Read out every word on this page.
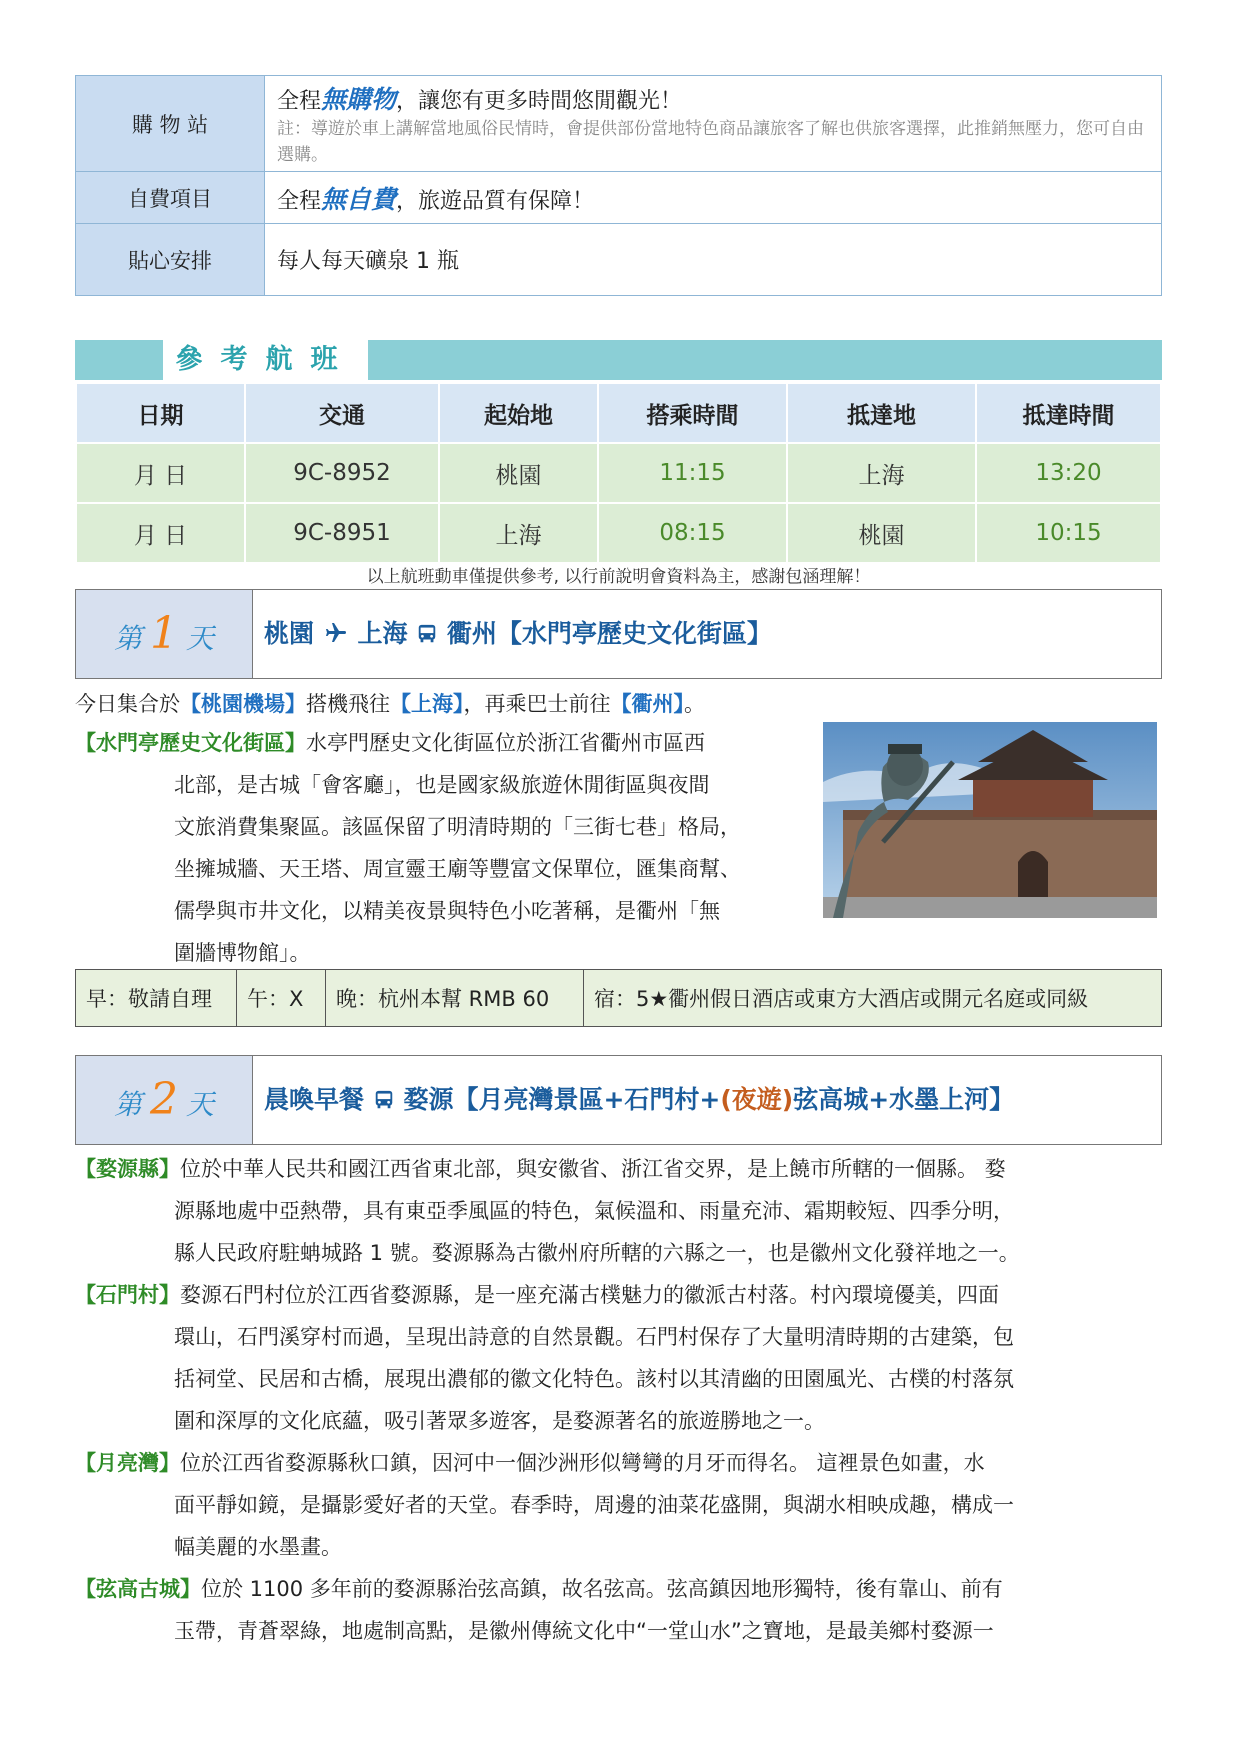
購 物 站	全程無購物，讓您有更多時間悠閒觀光！
註：導遊於車上講解當地風俗民情時，會提供部份當地特色商品讓旅客了解也供旅客選擇，此推銷無壓力，您可自由選購。

自費項目	全程無自費，旅遊品質有保障！
貼心安排	每人每天礦泉 1 瓶
參考航班
日期	交通	起始地	搭乘時間	抵達地	抵達時間
月 日	9C-8952	桃園	11:15	上海	13:20
月 日	9C-8951	上海	08:15	桃園	10:15
以上航班動車僅提供參考, 以行前說明會資料為主，感謝包涵理解！
第 1 天	桃園 上海 衢州【水門亭歷史文化街區】
今日集合於【桃園機場】搭機飛往【上海】，再乘巴士前往【衢州】。
【水門亭歷史文化街區】水亭門歷史文化街區位於浙江省衢州市區西
北部，是古城「會客廳」，也是國家級旅遊休閒街區與夜間
文旅消費集聚區。該區保留了明清時期的「三街七巷」格局，
坐擁城牆、天王塔、周宣靈王廟等豐富文保單位，匯集商幫、
儒學與市井文化，以精美夜景與特色小吃著稱，是衢州「無
圍牆博物館」。
早：敬請自理	午：X	晚：杭州本幫 RMB 60	宿：5★衢州假日酒店或東方大酒店或開元名庭或同級
第 2 天	晨喚早餐 婺源【月亮灣景區+石門村+(夜遊)弦高城+水墨上河】
【婺源縣】位於中華人民共和國江西省東北部，與安徽省、浙江省交界，是上饒市所轄的一個縣。 婺
源縣地處中亞熱帶，具有東亞季風區的特色，氣候溫和、雨量充沛、霜期較短、四季分明，
縣人民政府駐蚺城路 1 號。婺源縣為古徽州府所轄的六縣之一，也是徽州文化發祥地之一。
【石門村】婺源石門村位於江西省婺源縣，是一座充滿古樸魅力的徽派古村落。村內環境優美，四面
環山，石門溪穿村而過，呈現出詩意的自然景觀。石門村保存了大量明清時期的古建築，包
括祠堂、民居和古橋，展現出濃郁的徽文化特色。該村以其清幽的田園風光、古樸的村落氛
圍和深厚的文化底蘊，吸引著眾多遊客，是婺源著名的旅遊勝地之一。
【月亮灣】位於江西省婺源縣秋口鎮，因河中一個沙洲形似彎彎的月牙而得名。 這裡景色如畫，水
面平靜如鏡，是攝影愛好者的天堂。春季時，周邊的油菜花盛開，與湖水相映成趣，構成一
幅美麗的水墨畫。
【弦高古城】位於 1100 多年前的婺源縣治弦高鎮，故名弦高。弦高鎮因地形獨特，後有靠山、前有
玉帶，青蒼翠綠，地處制高點，是徽州傳統文化中“一堂山水”之寶地，是最美鄉村婺源一
